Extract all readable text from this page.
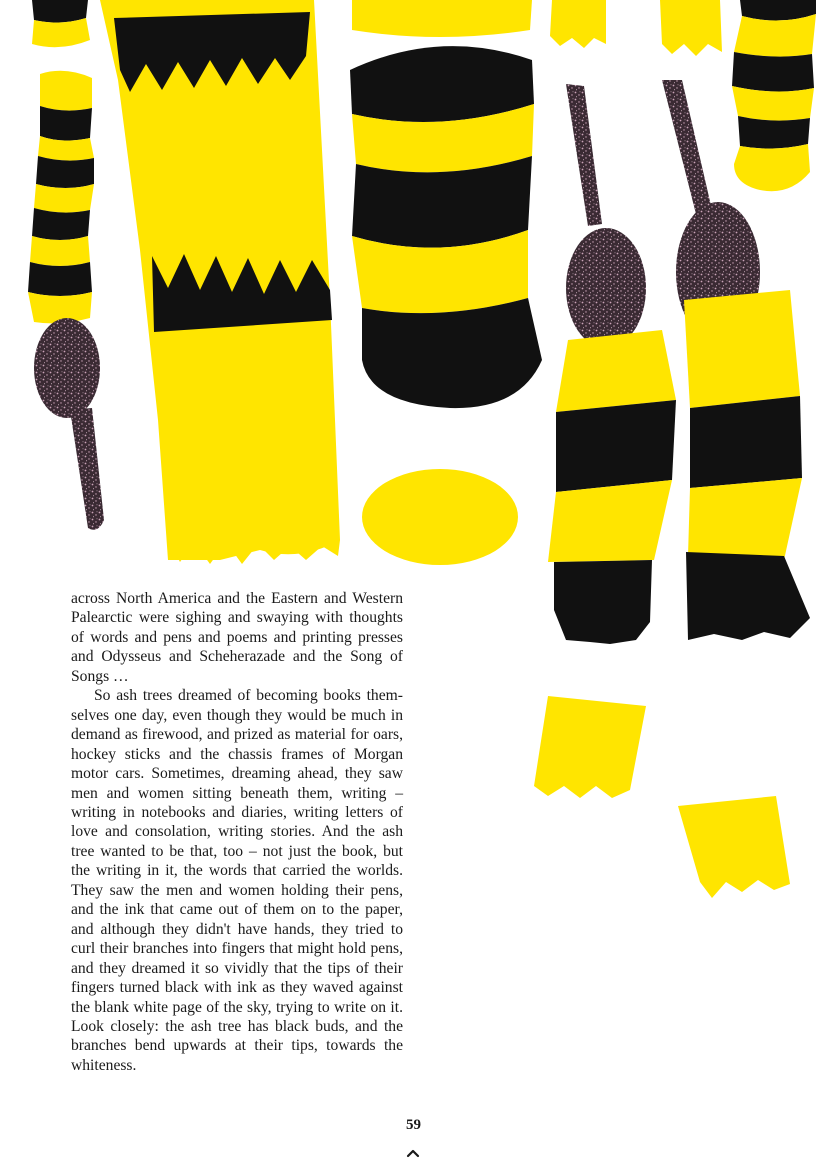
across North America and the Eastern and Western Palearctic were sighing and swaying with thoughts of words and pens and poems and printing presses and Odysseus and Scheherazade and the Song of Songs …

So ash trees dreamed of becoming books themselves one day, even though they would be much in demand as firewood, and prized as material for oars, hockey sticks and the chassis frames of Morgan motor cars. Sometimes, dreaming ahead, they saw men and women sitting beneath them, writing – writing in notebooks and diaries, writing letters of love and consolation, writing stories. And the ash tree wanted to be that, too – not just the book, but the writing in it, the words that carried the worlds. They saw the men and women holding their pens, and the ink that came out of them on to the paper, and although they didn't have hands, they tried to curl their branches into fingers that might hold pens, and they dreamed it so vividly that the tips of their fingers turned black with ink as they waved against the blank white page of the sky, trying to write on it. Look closely: the ash tree has black buds, and the branches bend upwards at their tips, towards the whiteness.

59
